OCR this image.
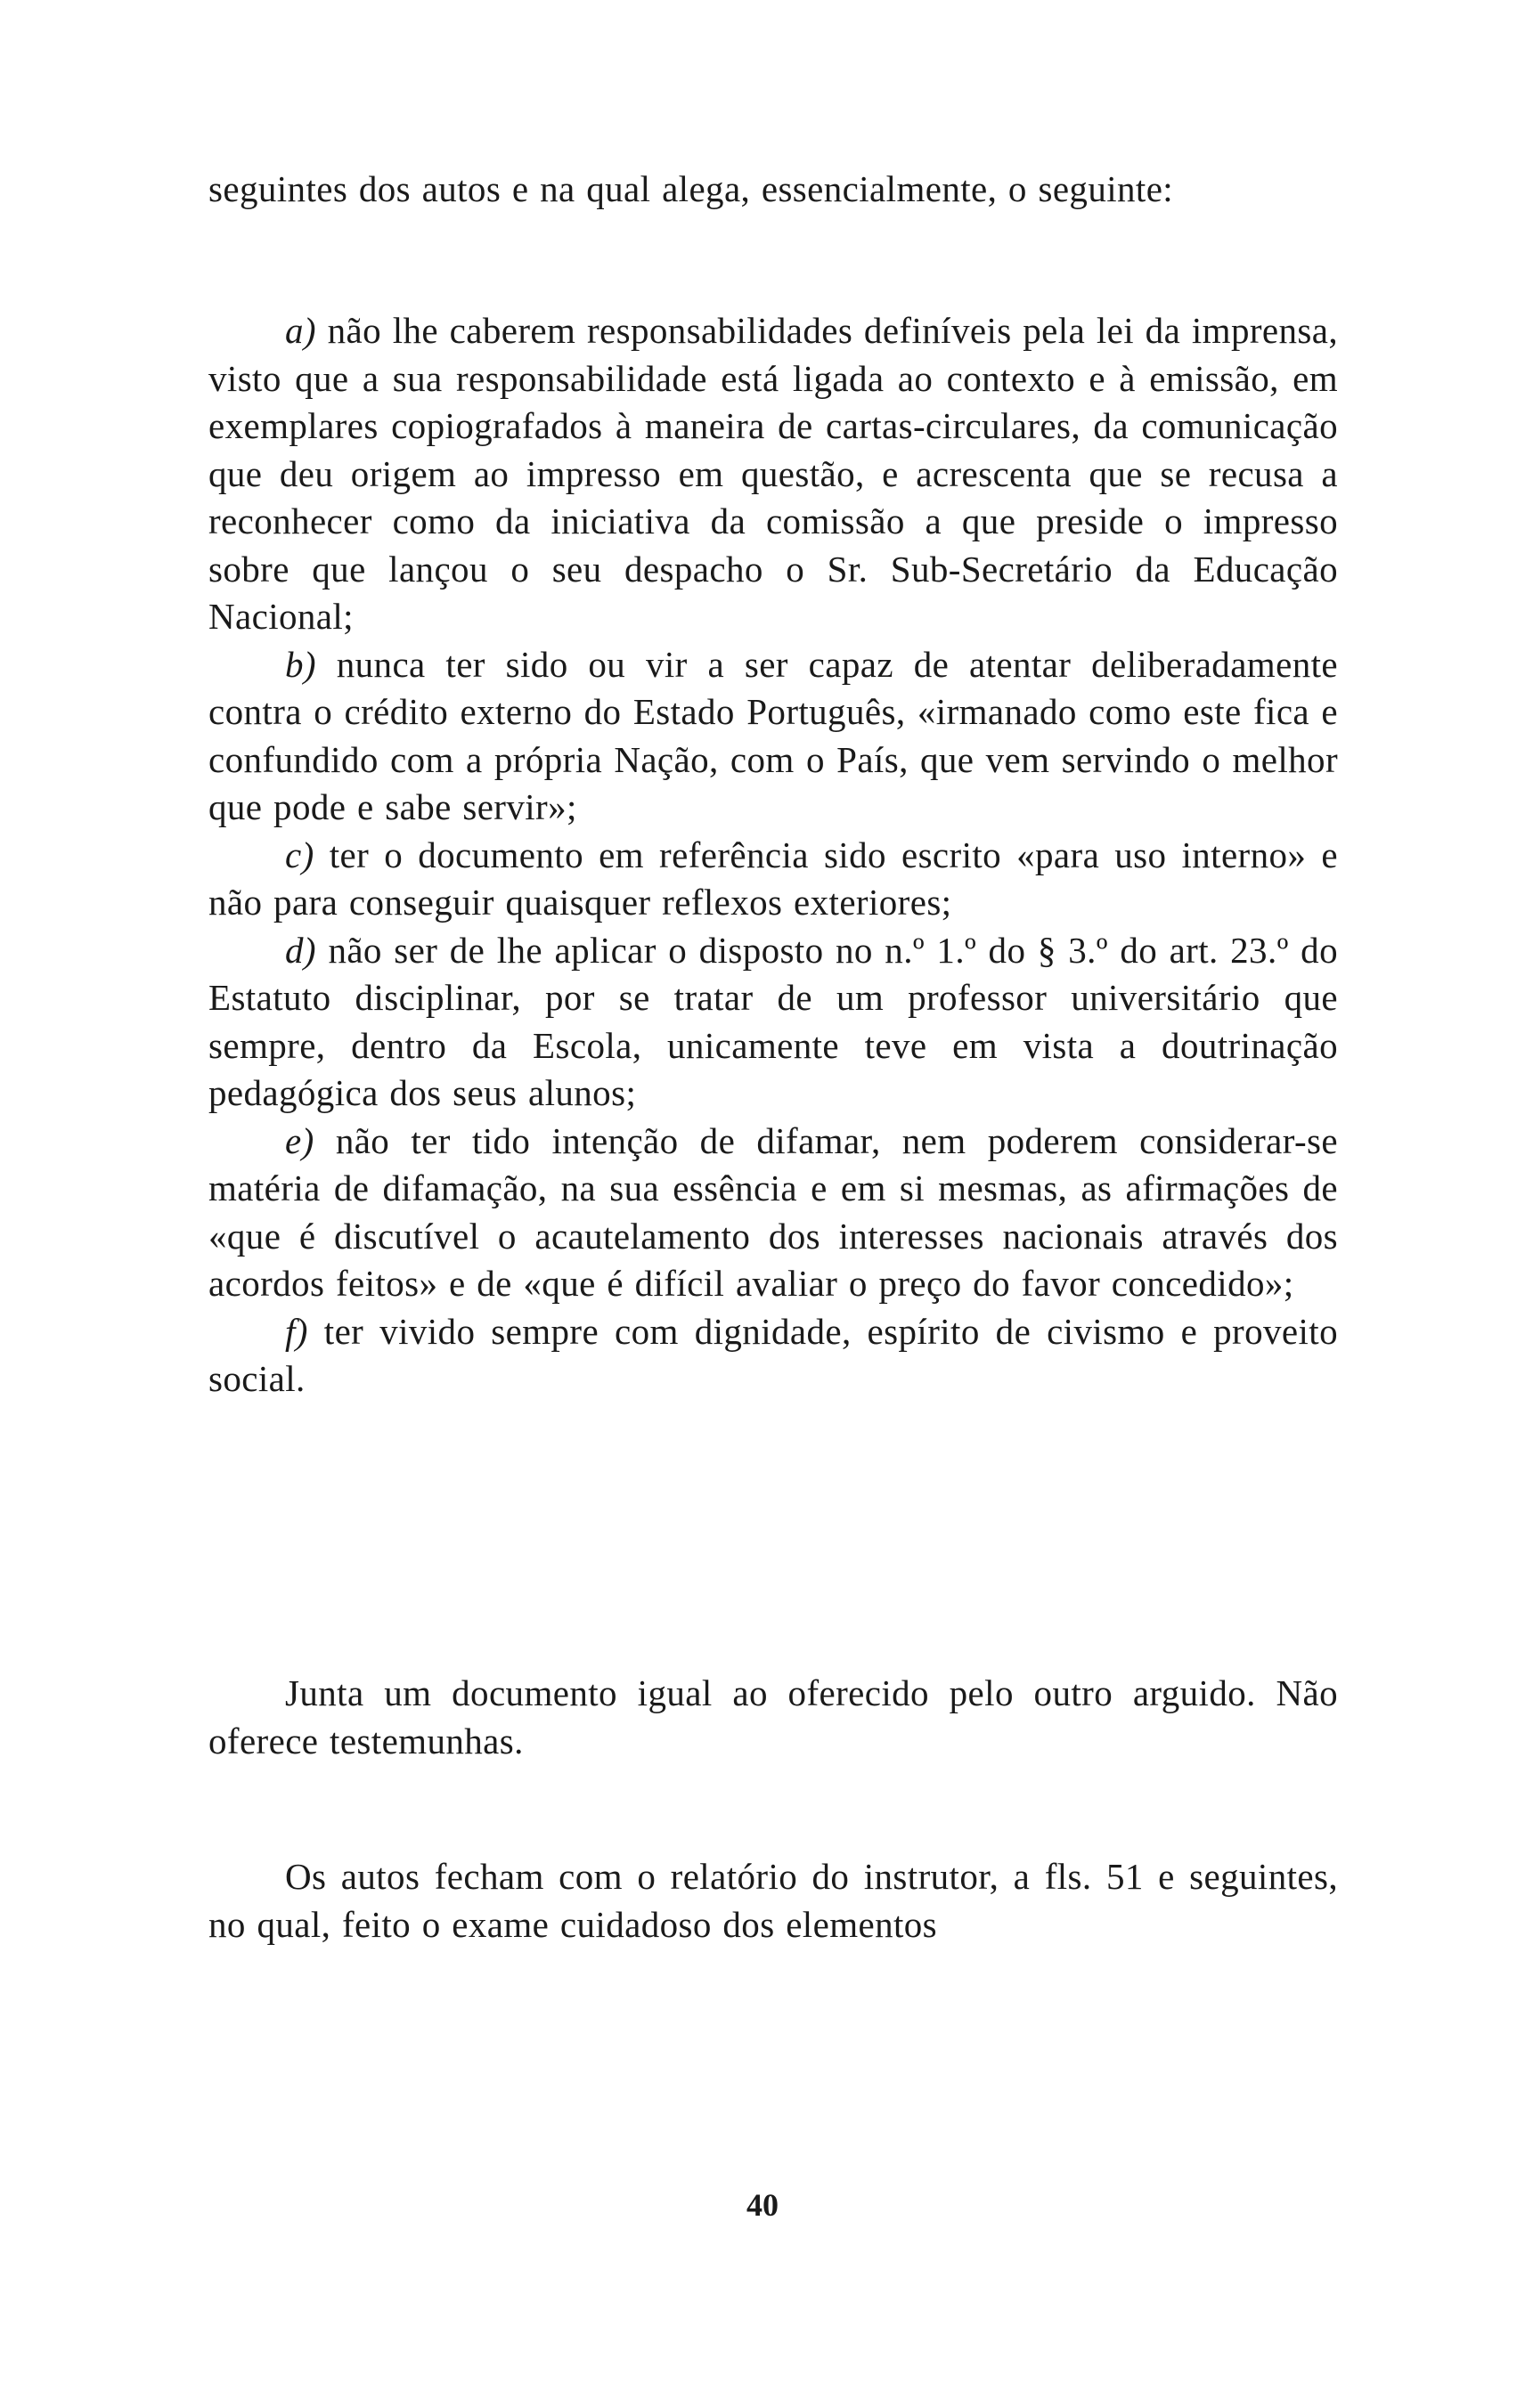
seguintes dos autos e na qual alega, essencialmente, o seguinte:

a) não lhe caberem responsabilidades definíveis pela lei da imprensa, visto que a sua responsabilidade está ligada ao contexto e à emissão, em exemplares copiografados à maneira de cartas-circulares, da comunicação que deu origem ao impresso em questão, e acrescenta que se recusa a reconhecer como da iniciativa da comissão a que preside o impresso sobre que lançou o seu despacho o Sr. Sub-Secretário da Educação Nacional;

b) nunca ter sido ou vir a ser capaz de atentar deliberadamente contra o crédito externo do Estado Português, «irmanado como este fica e confundido com a própria Nação, com o País, que vem servindo o melhor que pode e sabe servir»;

c) ter o documento em referência sido escrito «para uso interno» e não para conseguir quaisquer reflexos exteriores;

d) não ser de lhe aplicar o disposto no n.º 1.º do § 3.º do art. 23.º do Estatuto disciplinar, por se tratar de um professor universitário que sempre, dentro da Escola, unicamente teve em vista a doutrinação pedagógica dos seus alunos;

e) não ter tido intenção de difamar, nem poderem considerar-se matéria de difamação, na sua essência e em si mesmas, as afirmações de «que é discutível o acautelamento dos interesses nacionais através dos acordos feitos» e de «que é difícil avaliar o preço do favor concedido»;

f) ter vivido sempre com dignidade, espírito de civismo e proveito social.

Junta um documento igual ao oferecido pelo outro arguido. Não oferece testemunhas.

Os autos fecham com o relatório do instrutor, a fls. 51 e seguintes, no qual, feito o exame cuidadoso dos elementos

40
